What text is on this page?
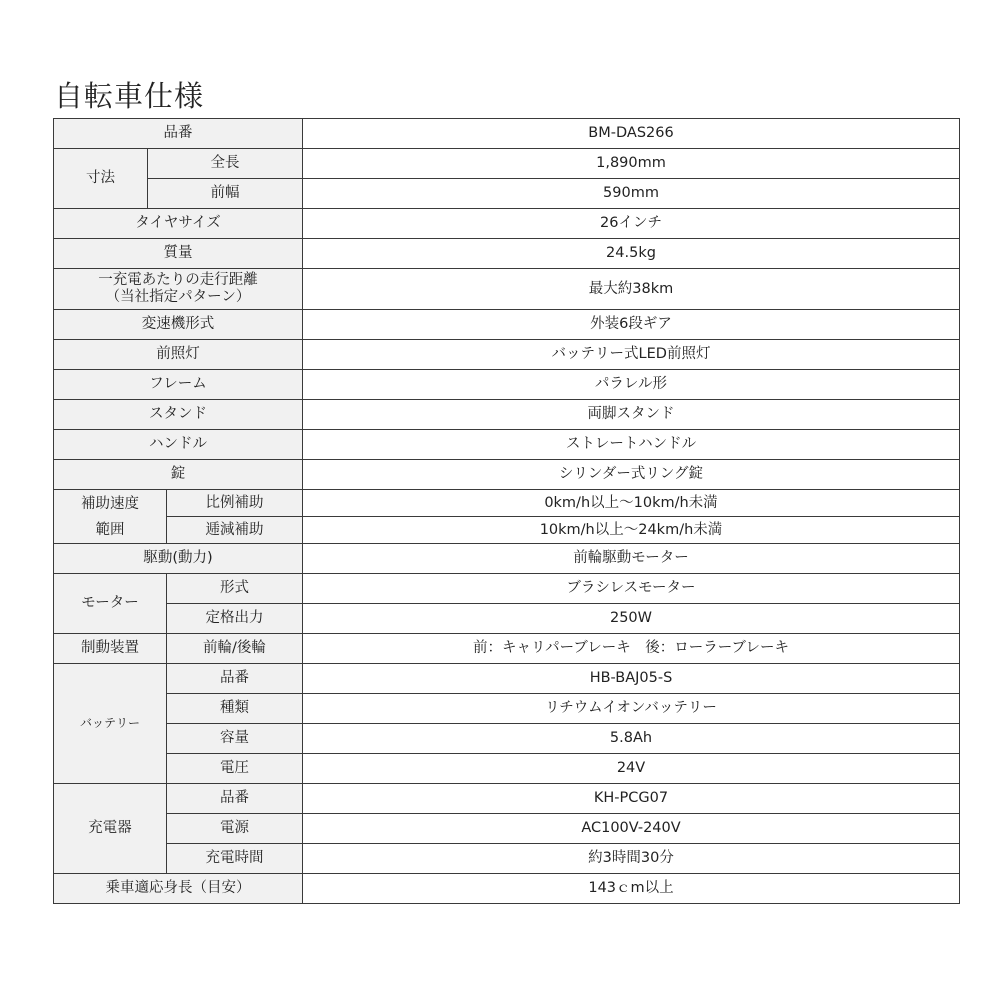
自転車仕様
品番			BM-DAS266
寸法	全長		1,890mm
	前幅		590mm
タイヤサイズ			26インチ
質量			24.5kg

一充電あたりの走行距離
（当社指定パターン）			最大約38km
変速機形式			外装6段ギア
前照灯			バッテリー式LED前照灯
フレーム			パラレル形
スタンド			両脚スタンド
ハンドル			ストレートハンドル
錠			シリンダー式リング錠

補助速度
範囲		比例補助	0km/h以上～10km/h未満
		逓減補助	10km/h以上～24km/h未満
駆動(動力)			前輪駆動モーター
モーター		形式	ブラシレスモーター
		定格出力	250W
制動装置		前輪/後輪	前：キャリパーブレーキ　後：ローラーブレーキ
バッテリー		品番	HB-BAJ05-S
		種類	リチウムイオンバッテリー
		容量	5.8Ah
		電圧	24V
充電器		品番	KH-PCG07
		電源	AC100V-240V
		充電時間	約3時間30分
乗車適応身長（目安）			143ｃm以上
